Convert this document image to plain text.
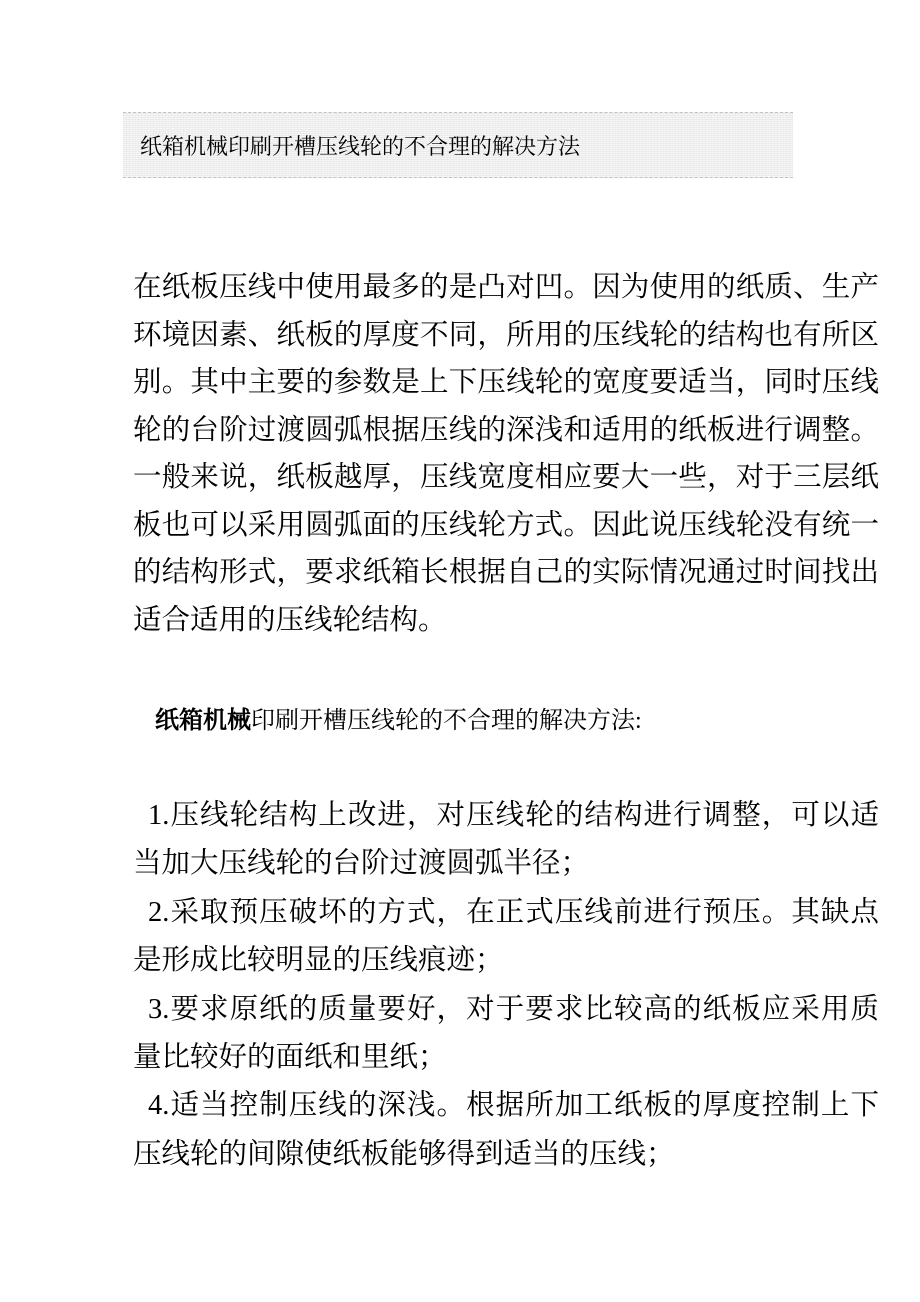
纸箱机械印刷开槽压线轮的不合理的解决方法
在纸板压线中使用最多的是凸对凹。因为使用的纸质、生产环境因素、纸板的厚度不同，所用的压线轮的结构也有所区别。其中主要的参数是上下压线轮的宽度要适当，同时压线轮的台阶过渡圆弧根据压线的深浅和适用的纸板进行调整。一般来说，纸板越厚，压线宽度相应要大一些，对于三层纸板也可以采用圆弧面的压线轮方式。因此说压线轮没有统一的结构形式，要求纸箱长根据自己的实际情况通过时间找出适合适用的压线轮结构。
纸箱机械印刷开槽压线轮的不合理的解决方法:

1.压线轮结构上改进，对压线轮的结构进行调整，可以适当加大压线轮的台阶过渡圆弧半径；

2.采取预压破坏的方式，在正式压线前进行预压。其缺点是形成比较明显的压线痕迹；

3.要求原纸的质量要好，对于要求比较高的纸板应采用质量比较好的面纸和里纸；

4.适当控制压线的深浅。根据所加工纸板的厚度控制上下压线轮的间隙使纸板能够得到适当的压线；
